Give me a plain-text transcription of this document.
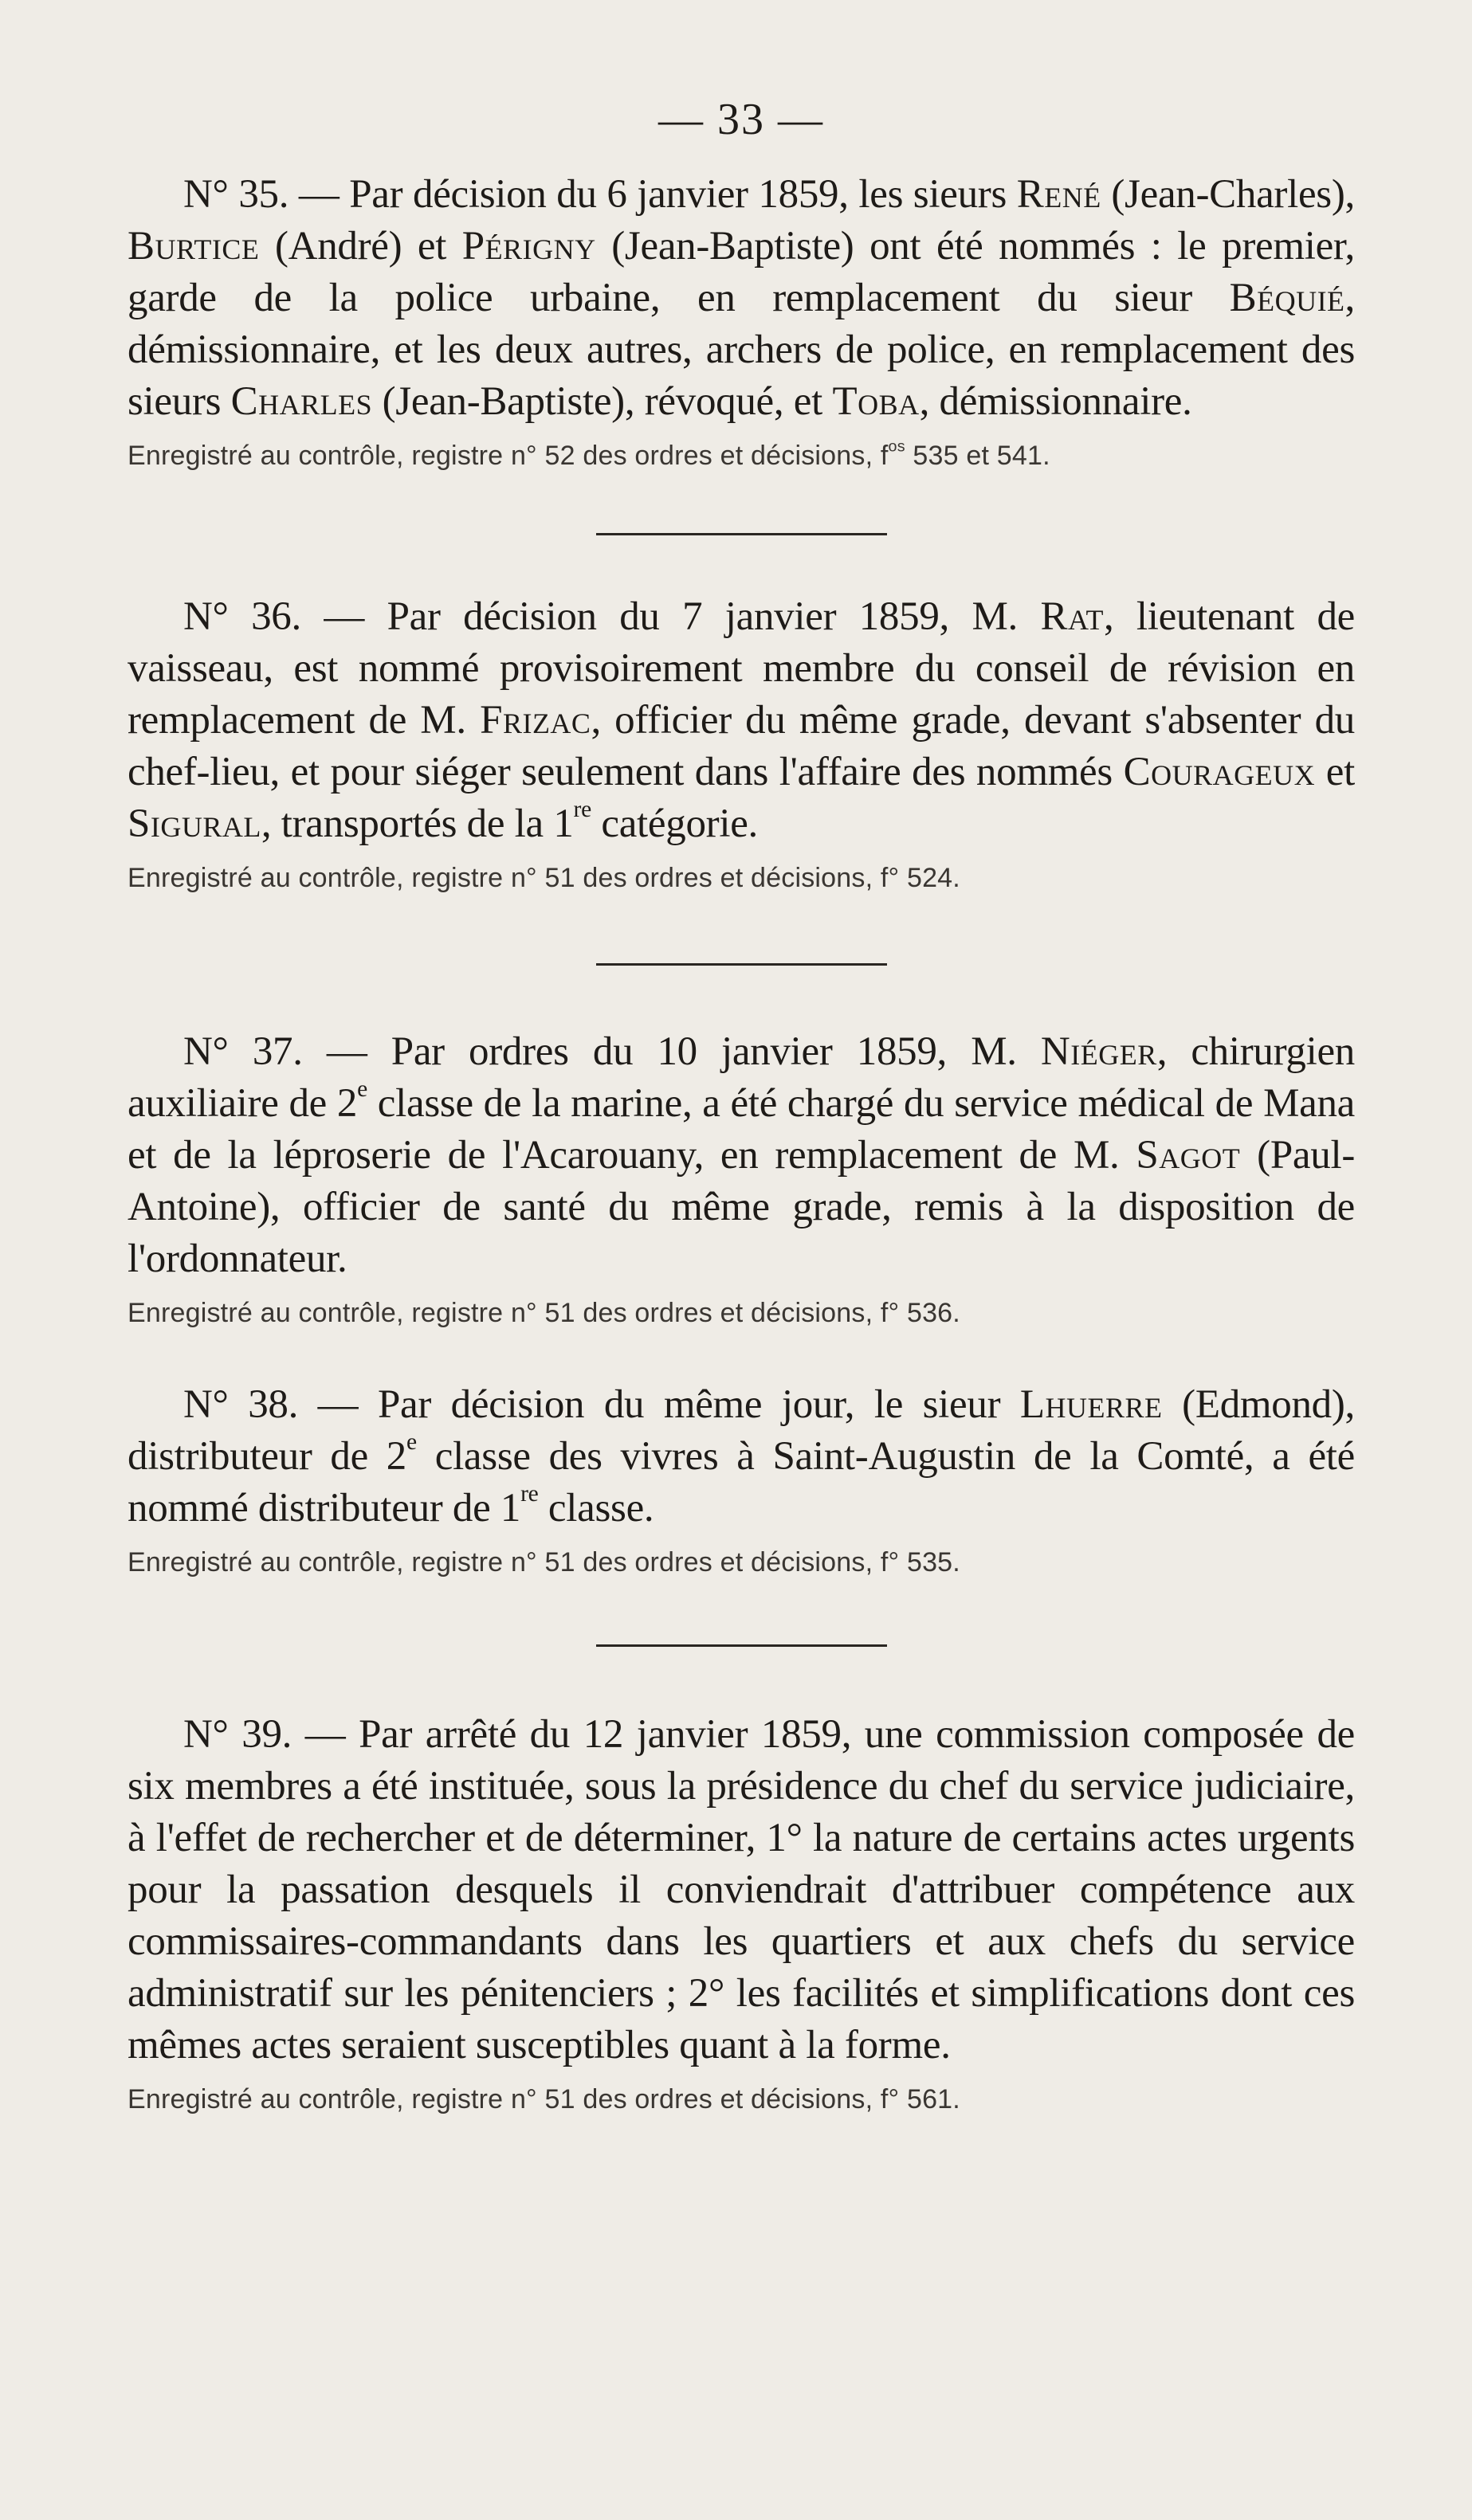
— 33 —

N° 35. — Par décision du 6 janvier 1859, les sieurs René (Jean-Charles), Burtice (André) et Périgny (Jean-Baptiste) ont été nommés : le premier, garde de la police urbaine, en remplacement du sieur Béquié, démissionnaire, et les deux autres, archers de police, en remplacement des sieurs Charles (Jean-Baptiste), révoqué, et Toba, démissionnaire.

Enregistré au contrôle, registre n° 52 des ordres et décisions, $f^{os}$ 535 et 541.

N° 36. — Par décision du 7 janvier 1859, M. Rat, lieutenant de vaisseau, est nommé provisoirement membre du conseil de révision en remplacement de M. Frizac, officier du même grade, devant s'absenter du chef-lieu, et pour siéger seulement dans l'affaire des nommés Courageux et Sigural, transportés de la 1re catégorie.

Enregistré au contrôle, registre n° 51 des ordres et décisions, f° 524.

N° 37. — Par ordres du 10 janvier 1859, M. Niéger, chirurgien auxiliaire de 2e classe de la marine, a été chargé du service médical de Mana et de la léproserie de l'Acarouany, en remplacement de M. Sagot (Paul-Antoine), officier de santé du même grade, remis à la disposition de l'ordonnateur.

Enregistré au contrôle, registre n° 51 des ordres et décisions, f° 536.

N° 38. — Par décision du même jour, le sieur Lhuerre (Edmond), distributeur de 2e classe des vivres à Saint-Augustin de la Comté, a été nommé distributeur de 1re classe.

Enregistré au contrôle, registre n° 51 des ordres et décisions, f° 535.

N° 39. — Par arrêté du 12 janvier 1859, une commission composée de six membres a été instituée, sous la présidence du chef du service judiciaire, à l'effet de rechercher et de déterminer, 1° la nature de certains actes urgents pour la passation desquels il conviendrait d'attribuer compétence aux commissaires-commandants dans les quartiers et aux chefs du service administratif sur les pénitenciers ; 2° les facilités et simplifications dont ces mêmes actes seraient susceptibles quant à la forme.

Enregistré au contrôle, registre n° 51 des ordres et décisions, f° 561.
